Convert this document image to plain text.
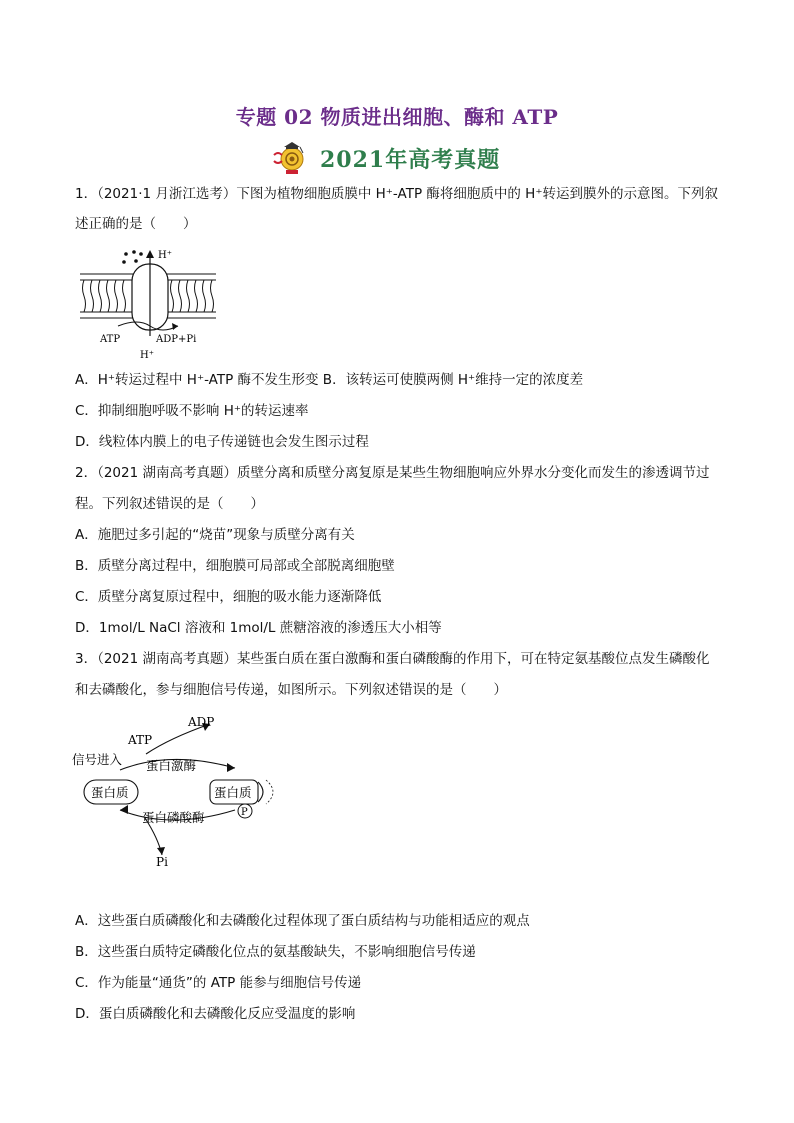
专题 02 物质进出细胞、酶和 ATP
2021年高考真题
1．（2021·1 月浙江选考）下图为植物细胞质膜中 H⁺-ATP 酶将细胞质中的 H⁺转运到膜外的示意图。下列叙
述正确的是（　　）
H⁺
ATP	ADP+Pi
H⁺
A．H⁺转运过程中 H⁺-ATP 酶不发生形变 B．该转运可使膜两侧 H⁺维持一定的浓度差
C．抑制细胞呼吸不影响 H⁺的转运速率
D．线粒体内膜上的电子传递链也会发生图示过程
2．（2021 湖南高考真题）质壁分离和质壁分离复原是某些生物细胞响应外界水分变化而发生的渗透调节过
程。下列叙述错误的是（　　）
A．施肥过多引起的“烧苗”现象与质壁分离有关
B．质壁分离过程中，细胞膜可局部或全部脱离细胞壁
C．质壁分离复原过程中，细胞的吸水能力逐渐降低
D．1mol/L NaCl 溶液和 1mol/L 蔗糖溶液的渗透压大小相等
3．（2021 湖南高考真题）某些蛋白质在蛋白激酶和蛋白磷酸酶的作用下，可在特定氨基酸位点发生磷酸化
和去磷酸化，参与细胞信号传递，如图所示。下列叙述错误的是（　　）
ADP
ATP
信号进入 蛋白激酶
蛋白质	蛋白质
P
蛋白磷酸酶
Pi
A．这些蛋白质磷酸化和去磷酸化过程体现了蛋白质结构与功能相适应的观点
B．这些蛋白质特定磷酸化位点的氨基酸缺失，不影响细胞信号传递
C．作为能量“通货”的 ATP 能参与细胞信号传递
D．蛋白质磷酸化和去磷酸化反应受温度的影响
